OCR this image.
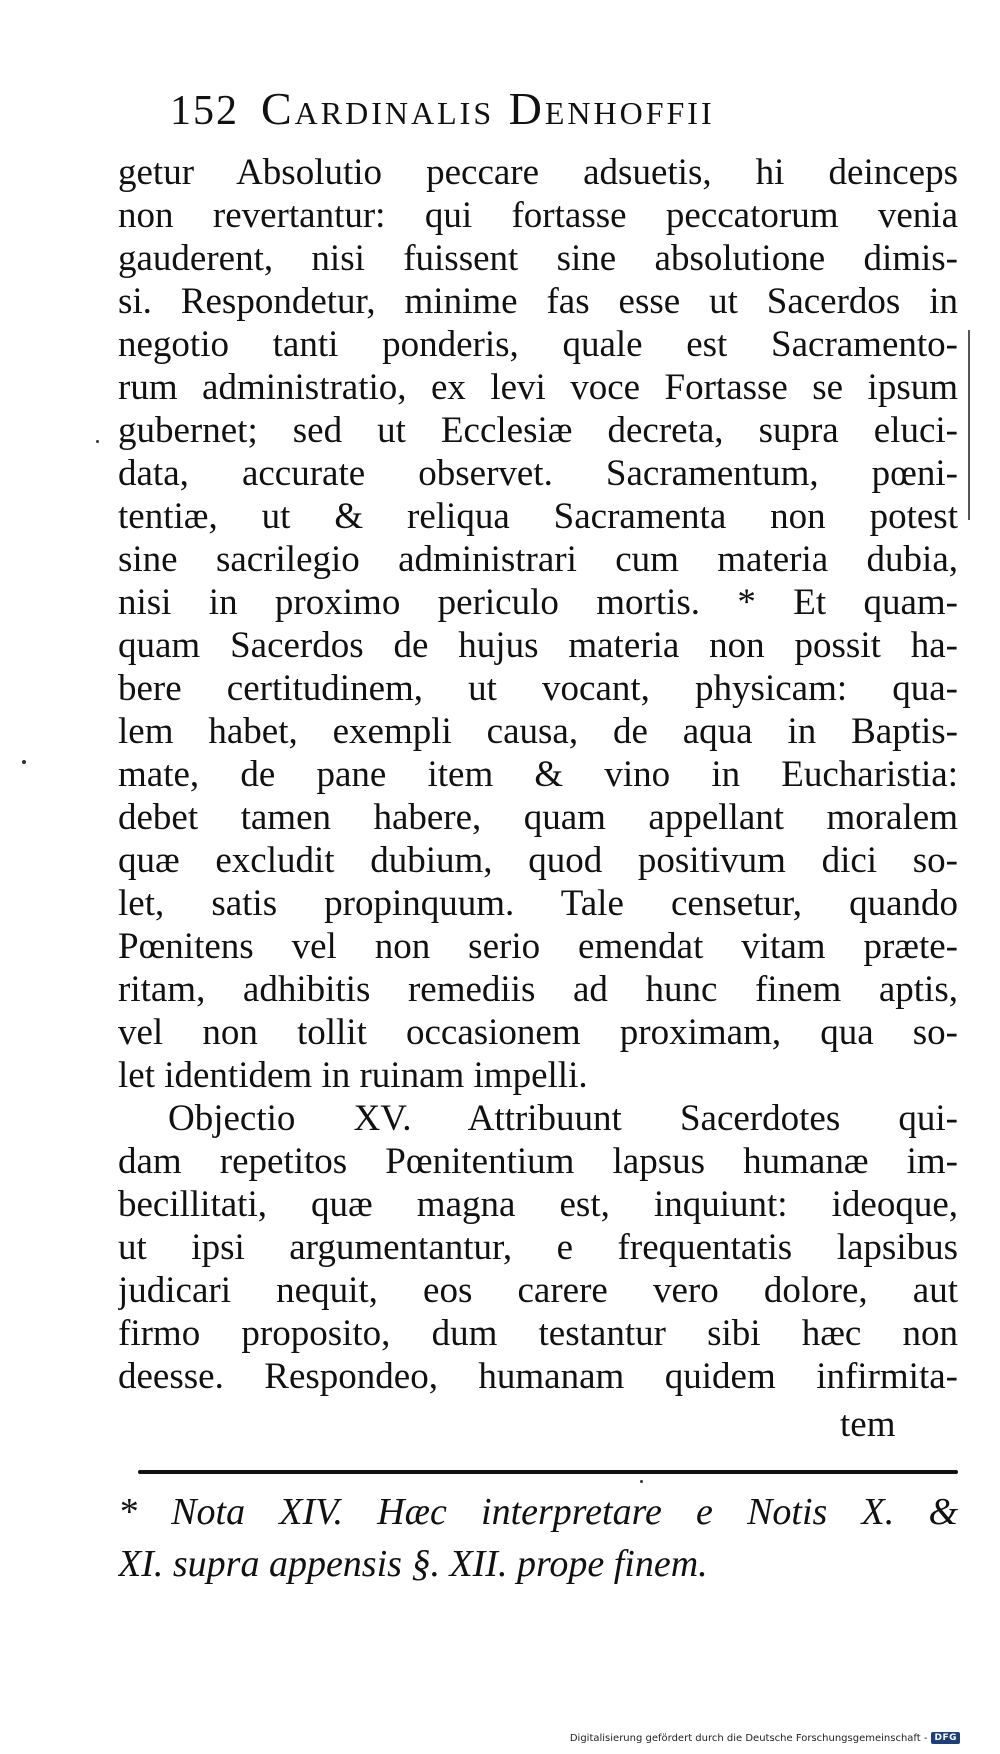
152 Cardinalis Denhoffii
getur Absolutio peccare adsuetis, hi deinceps
non revertantur: qui fortasse peccatorum venia
gauderent, nisi fuissent sine absolutione dimis-
si. Respondetur, minime fas esse ut Sacerdos in
negotio tanti ponderis, quale est Sacramento-
rum administratio, ex levi voce Fortasse se ipsum
gubernet; sed ut Ecclesiæ decreta, supra eluci-
data, accurate observet. Sacramentum, pœni-
tentiæ, ut & reliqua Sacramenta non potest
sine sacrilegio administrari cum materia dubia,
nisi in proximo periculo mortis. * Et quam-
quam Sacerdos de hujus materia non possit ha-
bere certitudinem, ut vocant, physicam: qua-
lem habet, exempli causa, de aqua in Baptis-
mate, de pane item & vino in Eucharistia:
debet tamen habere, quam appellant moralem
quæ excludit dubium, quod positivum dici so-
let, satis propinquum. Tale censetur, quando
Pœnitens vel non serio emendat vitam præte-
ritam, adhibitis remediis ad hunc finem aptis,
vel non tollit occasionem proximam, qua so-
let identidem in ruinam impelli.
Objectio XV. Attribuunt Sacerdotes qui-
dam repetitos Pœnitentium lapsus humanæ im-
becillitati, quæ magna est, inquiunt: ideoque,
ut ipsi argumentantur, e frequentatis lapsibus
judicari nequit, eos carere vero dolore, aut
firmo proposito, dum testantur sibi hæc non
deesse. Respondeo, humanam quidem infirmita-
tem
* Nota XIV. Hæc interpretare e Notis X. &
XI. supra appensis §. XII. prope finem.
Digitalisierung gefördert durch die Deutsche Forschungsgemeinschaft - DFG
